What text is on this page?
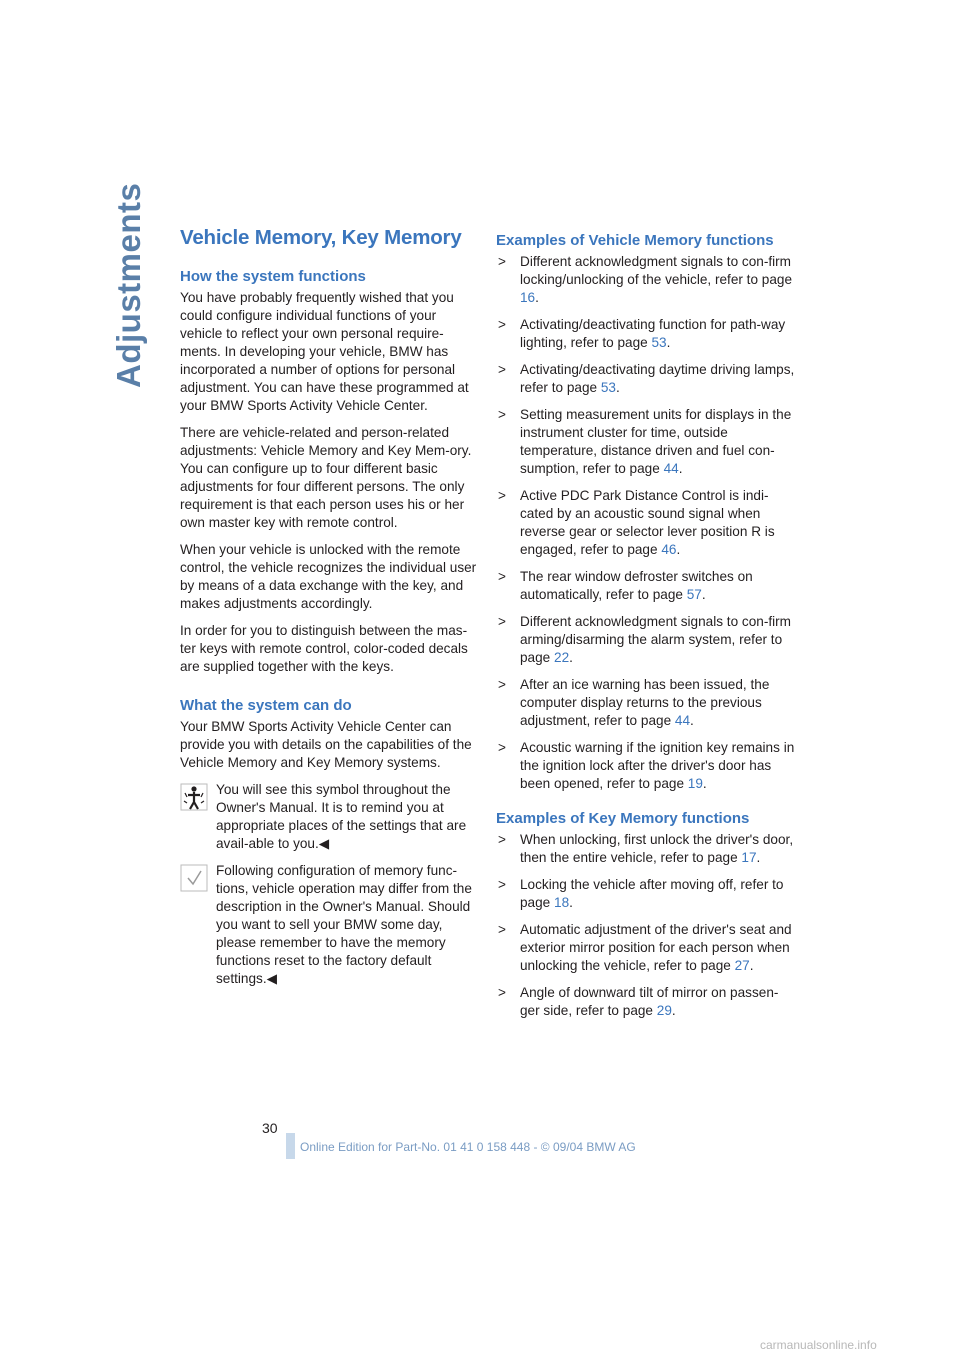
Adjustments Vehicle Memory, Key Memory
How the system functions

You have probably frequently wished that you could configure individual functions of your vehicle to reflect your own personal require-ments. In developing your vehicle, BMW has incorporated a number of options for personal adjustment. You can have these programmed at your BMW Sports Activity Vehicle Center.

There are vehicle-related and person-related adjustments: Vehicle Memory and Key Mem-ory. You can configure up to four different basic adjustments for four different persons. The only requirement is that each person uses his or her own master key with remote control.

When your vehicle is unlocked with the remote control, the vehicle recognizes the individual user by means of a data exchange with the key, and makes adjustments accordingly.

In order for you to distinguish between the mas-ter keys with remote control, color-coded decals are supplied together with the keys.

What the system can do

Your BMW Sports Activity Vehicle Center can provide you with details on the capabilities of the Vehicle Memory and Key Memory systems.

You will see this symbol throughout the Owner's Manual. It is to remind you at appropriate places of the settings that are avail-able to you.◀

Following configuration of memory func-tions, vehicle operation may differ from the description in the Owner's Manual. Should you want to sell your BMW some day, please remember to have the memory functions reset to the factory default settings.◀

Examples of Vehicle Memory functions
> Different acknowledgment signals to con-firm locking/unlocking of the vehicle, refer to page 16.
> Activating/deactivating function for path-way lighting, refer to page 53.
> Activating/deactivating daytime driving lamps, refer to page 53.
> Setting measurement units for displays in the instrument cluster for time, outside temperature, distance driven and fuel con-sumption, refer to page 44.
> Active PDC Park Distance Control is indi-cated by an acoustic sound signal when reverse gear or selector lever position R is engaged, refer to page 46.
> The rear window defroster switches on automatically, refer to page 57.
> Different acknowledgment signals to con-firm arming/disarming the alarm system, refer to page 22.
> After an ice warning has been issued, the computer display returns to the previous adjustment, refer to page 44.
> Acoustic warning if the ignition key remains in the ignition lock after the driver's door has been opened, refer to page 19.
Examples of Key Memory functions
> When unlocking, first unlock the driver's door, then the entire vehicle, refer to page 17.
> Locking the vehicle after moving off, refer to page 18.
> Automatic adjustment of the driver's seat and exterior mirror position for each person when unlocking the vehicle, refer to page 27.
> Angle of downward tilt of mirror on passen-ger side, refer to page 29.
30
Online Edition for Part-No. 01 41 0 158 448 - © 09/04 BMW AG
carmanualsonline.info
